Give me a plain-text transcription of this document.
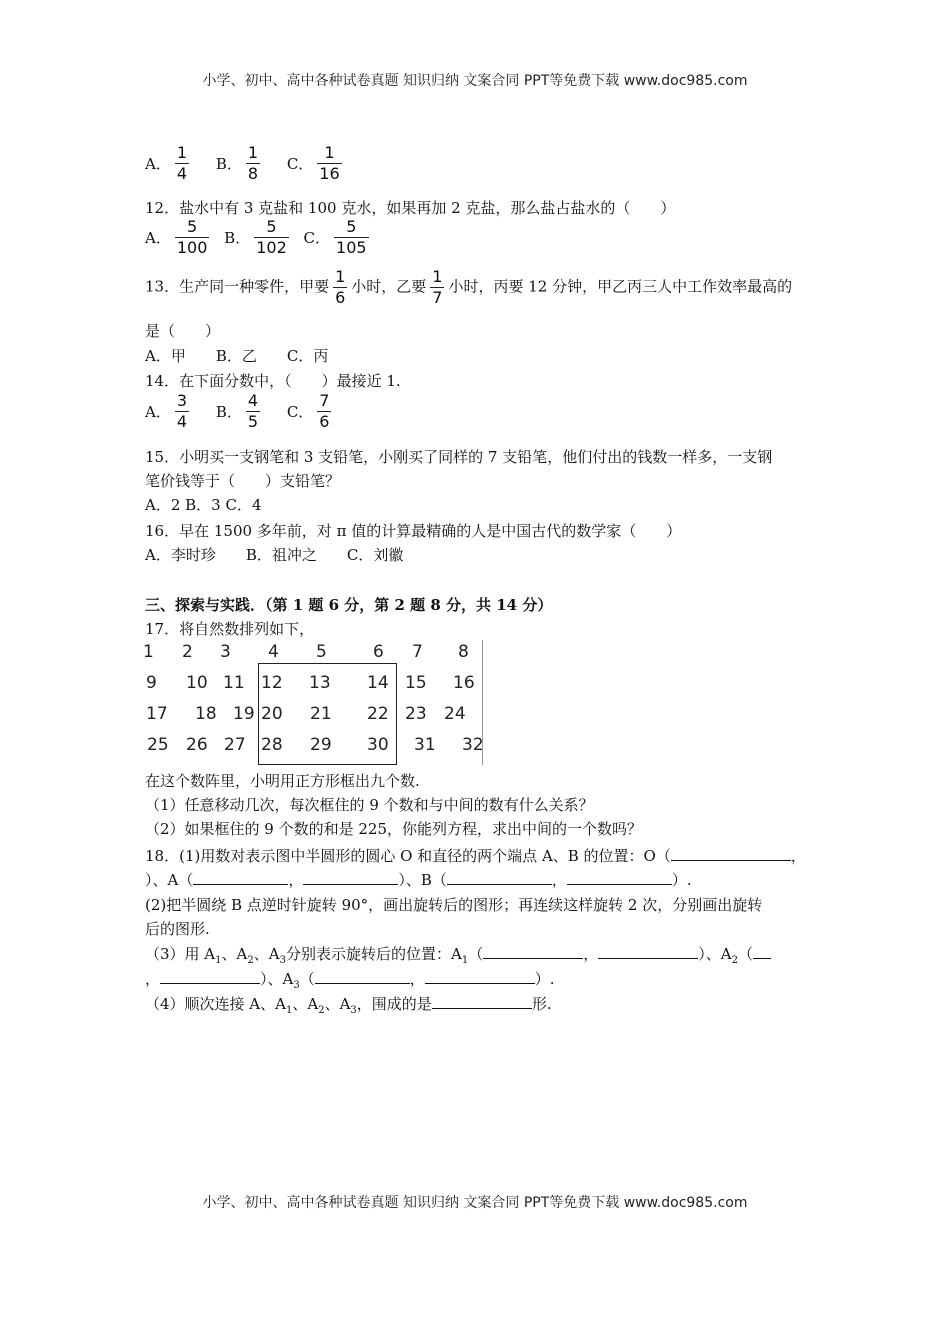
小学、初中、高中各种试卷真题 知识归纳 文案合同 PPT等免费下载 www.doc985.com
A． $\frac{1}{4}$
B． $\frac{1}{8}$
C． $\frac{1}{16}$
12．盐水中有 3 克盐和 100 克水，如果再加 2 克盐，那么盐占盐水的（　　）
A． $\frac{5}{100}$
B． $\frac{5}{102}$
C． $\frac{5}{105}$
13．生产同一种零件，甲要 $\frac{1}{6}$ 小时，乙要 $\frac{1}{7}$ 小时，丙要 12 分钟，甲乙丙三人中工作效率最高的
是（　　）
A．甲　　B．乙　　C．丙
14．在下面分数中，（　　）最接近 1.
A． $\frac{3}{4}$
B． $\frac{4}{5}$
C． $\frac{7}{6}$
15．小明买一支钢笔和 3 支铅笔，小刚买了同样的 7 支铅笔，他们付出的钱数一样多，一支钢
笔价钱等于（　　）支铅笔？
A．2 B．3 C．4
16．早在 1500 多年前，对 π 值的计算最精确的人是中国古代的数学家（　　）
A．李时珍　　B．祖冲之　　C．刘徽
三、探索与实践．（第 1 题 6 分，第 2 题 8 分，共 14 分）
17．将自然数排列如下，
1 2 3 4 5	6 7 8
9 10 11 12 13 14 15 16
17 18 19 20 21 22 23 24
25 26 27 28 29 30 31 32
在这个数阵里，小明用正方形框出九个数.
（1）任意移动几次，每次框住的 9 个数和与中间的数有什么关系？
（2）如果框住的 9 个数的和是 225，你能列方程，求出中间的一个数吗？
18．(1)用数对表示图中半圆形的圆心 O 和直径的两个端点 A、B 的位置：O（	，
）、A（	，	）、B（	，	）.
(2)把半圆绕 B 点逆时针旋转 90°，画出旋转后的图形；再连续这样旋转 2 次，分别画出旋转
后的图形.
（3）用 $A_1$、$A_2$、$A_3$分别表示旋转后的位置：$A_1$（	，	）、$A_2$（
，	）、$A_3$（	，	）.
（4）顺次连接 A、$A_1$、$A_2$、$A_3$，围成的是	形.
小学、初中、高中各种试卷真题 知识归纳 文案合同 PPT等免费下载 www.doc985.com
